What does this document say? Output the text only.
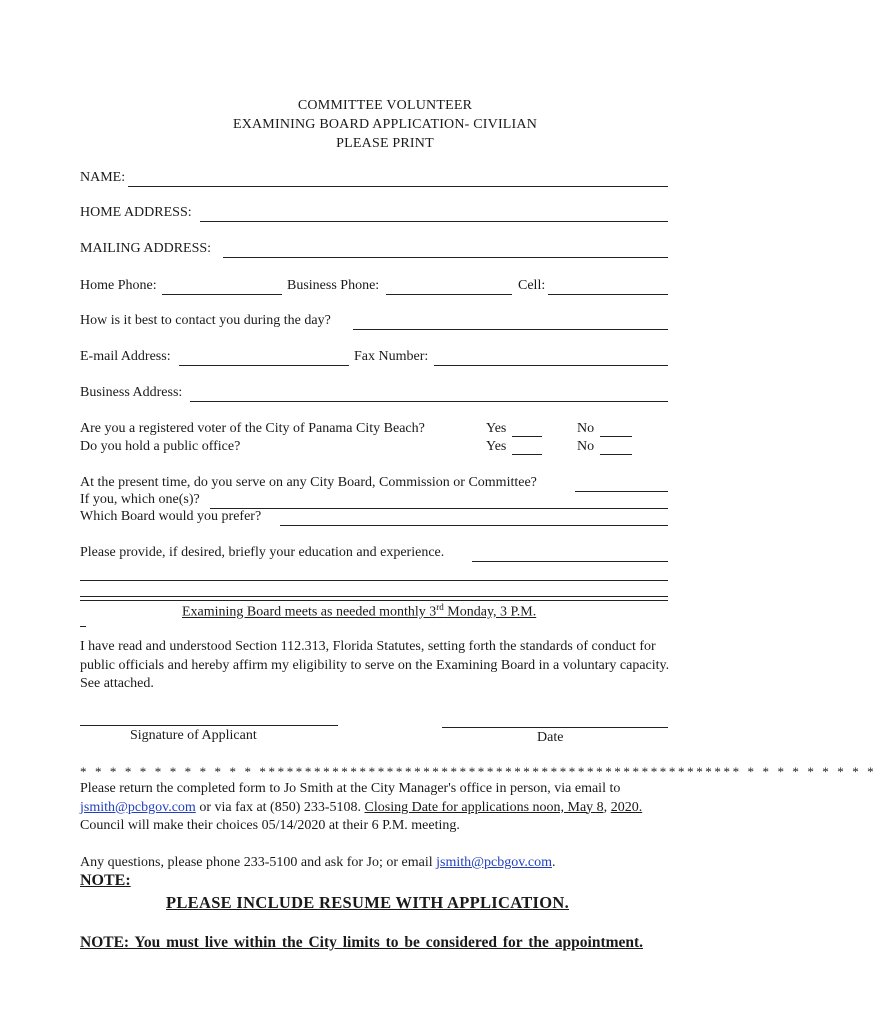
COMMITTEE VOLUNTEER
EXAMINING BOARD APPLICATION- CIVILIAN
PLEASE PRINT
NAME:
HOME ADDRESS:
MAILING ADDRESS:
Home Phone:	Business Phone:	Cell:
How is it best to contact you during the day?
E-mail Address:	Fax Number:
Business Address:
Are you a registered voter of the City of Panama City Beach?	Yes	No
Do you hold a public office?	Yes	No
At the present time, do you serve on any City Board, Commission or Committee?
If you, which one(s)?
Which Board would you prefer?
Please provide, if desired, briefly your education and experience.
Examining Board meets as needed monthly 3rd Monday, 3 P.M.
I have read and understood Section 112.313, Florida Statutes, setting forth the standards of conduct for public officials and hereby affirm my eligibility to serve on the Examining Board in a voluntary capacity. See attached.
Signature of Applicant	Date
* * * * * * * * * * * * ***************************************************** * * * * * * * * *
Please return the completed form to Jo Smith at the City Manager's office in person, via email to jsmith@pcbgov.com or via fax at (850) 233-5108. Closing Date for applications noon, May 8, 2020. Council will make their choices 05/14/2020 at their 6 P.M. meeting.
Any questions, please phone 233-5100 and ask for Jo; or email jsmith@pcbgov.com.
NOTE:
PLEASE INCLUDE RESUME WITH APPLICATION.
NOTE: You must live within the City limits to be considered for the appointment.
